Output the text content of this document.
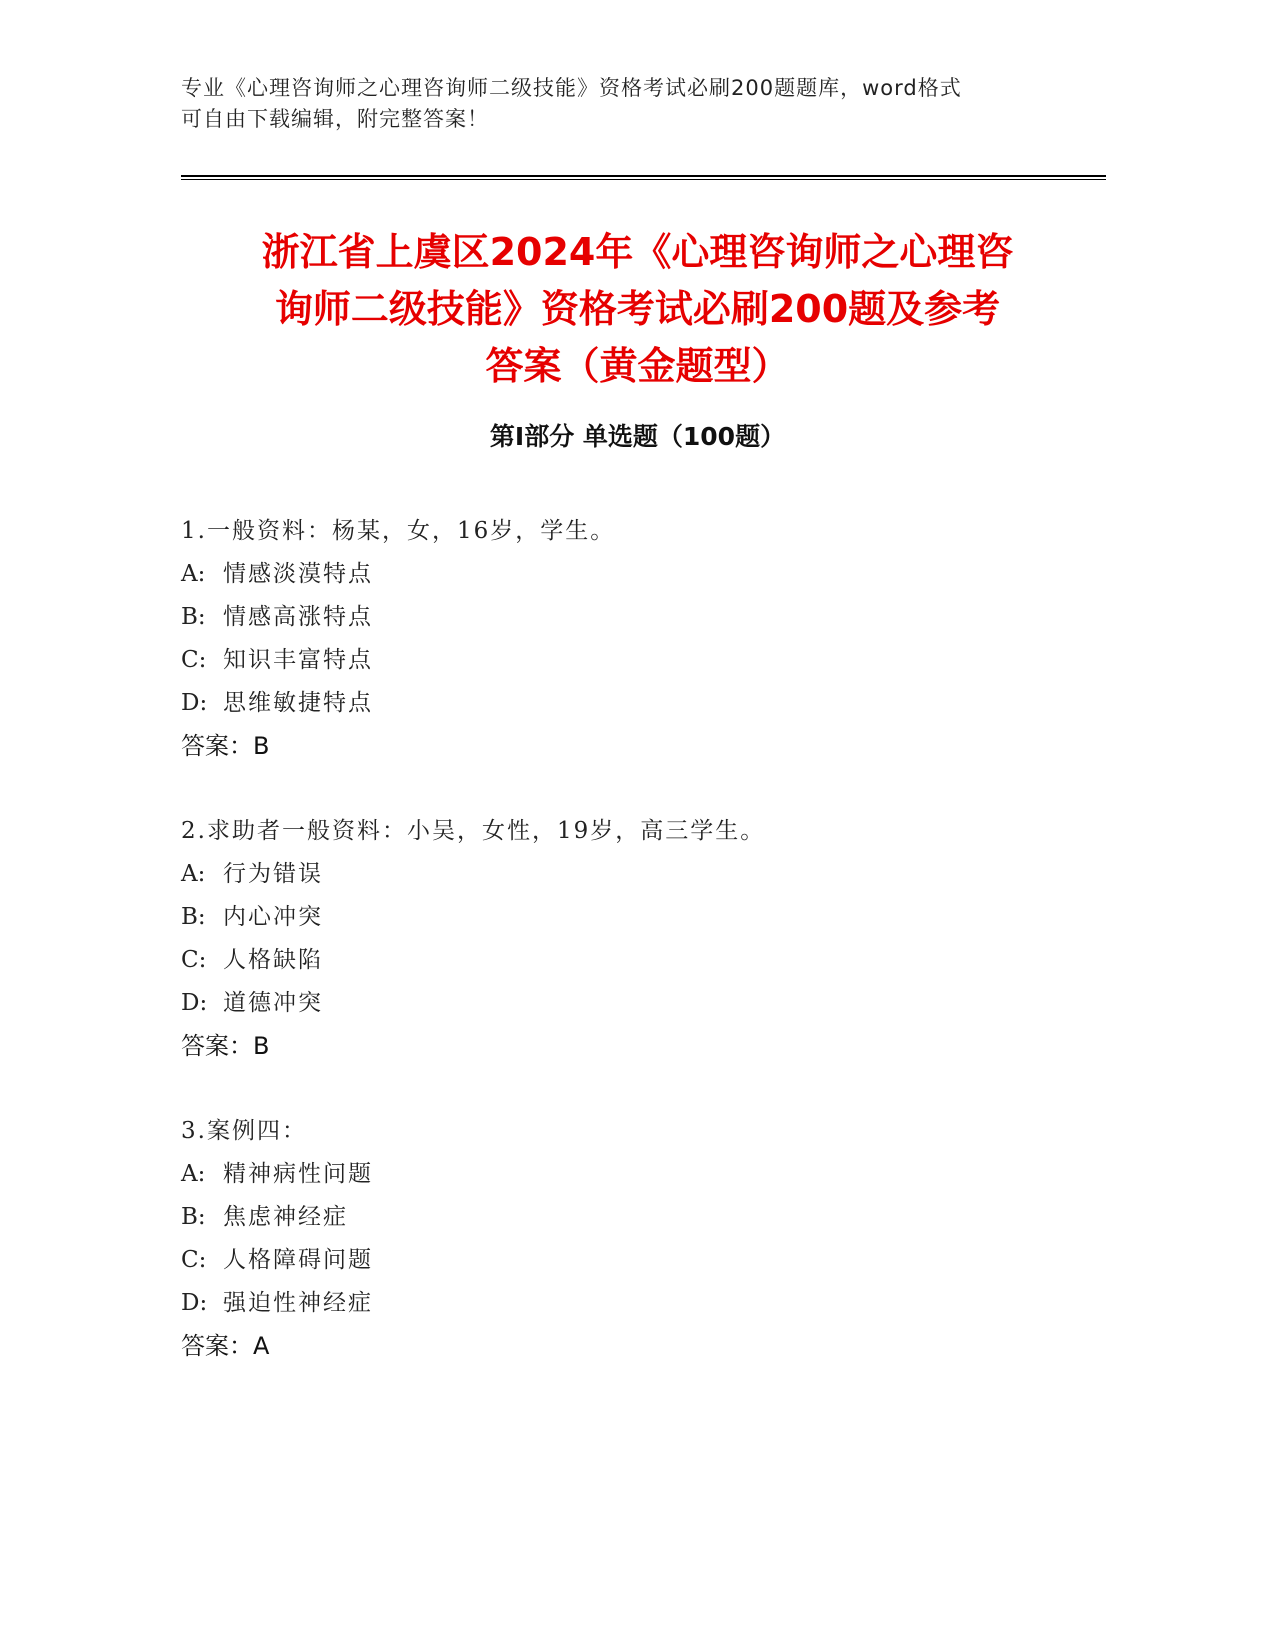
专业《心理咨询师之心理咨询师二级技能》资格考试必刷200题题库，word格式
可自由下载编辑，附完整答案！
浙江省上虞区2024年《心理咨询师之心理咨
询师二级技能》资格考试必刷200题及参考
答案（黄金题型）
第Ⅰ部分 单选题（100题）
1.一般资料：杨某，女，16岁，学生。
A: 情感淡漠特点
B: 情感高涨特点
C: 知识丰富特点
D: 思维敏捷特点
答案：B
2.求助者一般资料：小吴，女性，19岁，高三学生。
A: 行为错误
B: 内心冲突
C: 人格缺陷
D: 道德冲突
答案：B
3.案例四：
A: 精神病性问题
B: 焦虑神经症
C: 人格障碍问题
D: 强迫性神经症
答案：A
